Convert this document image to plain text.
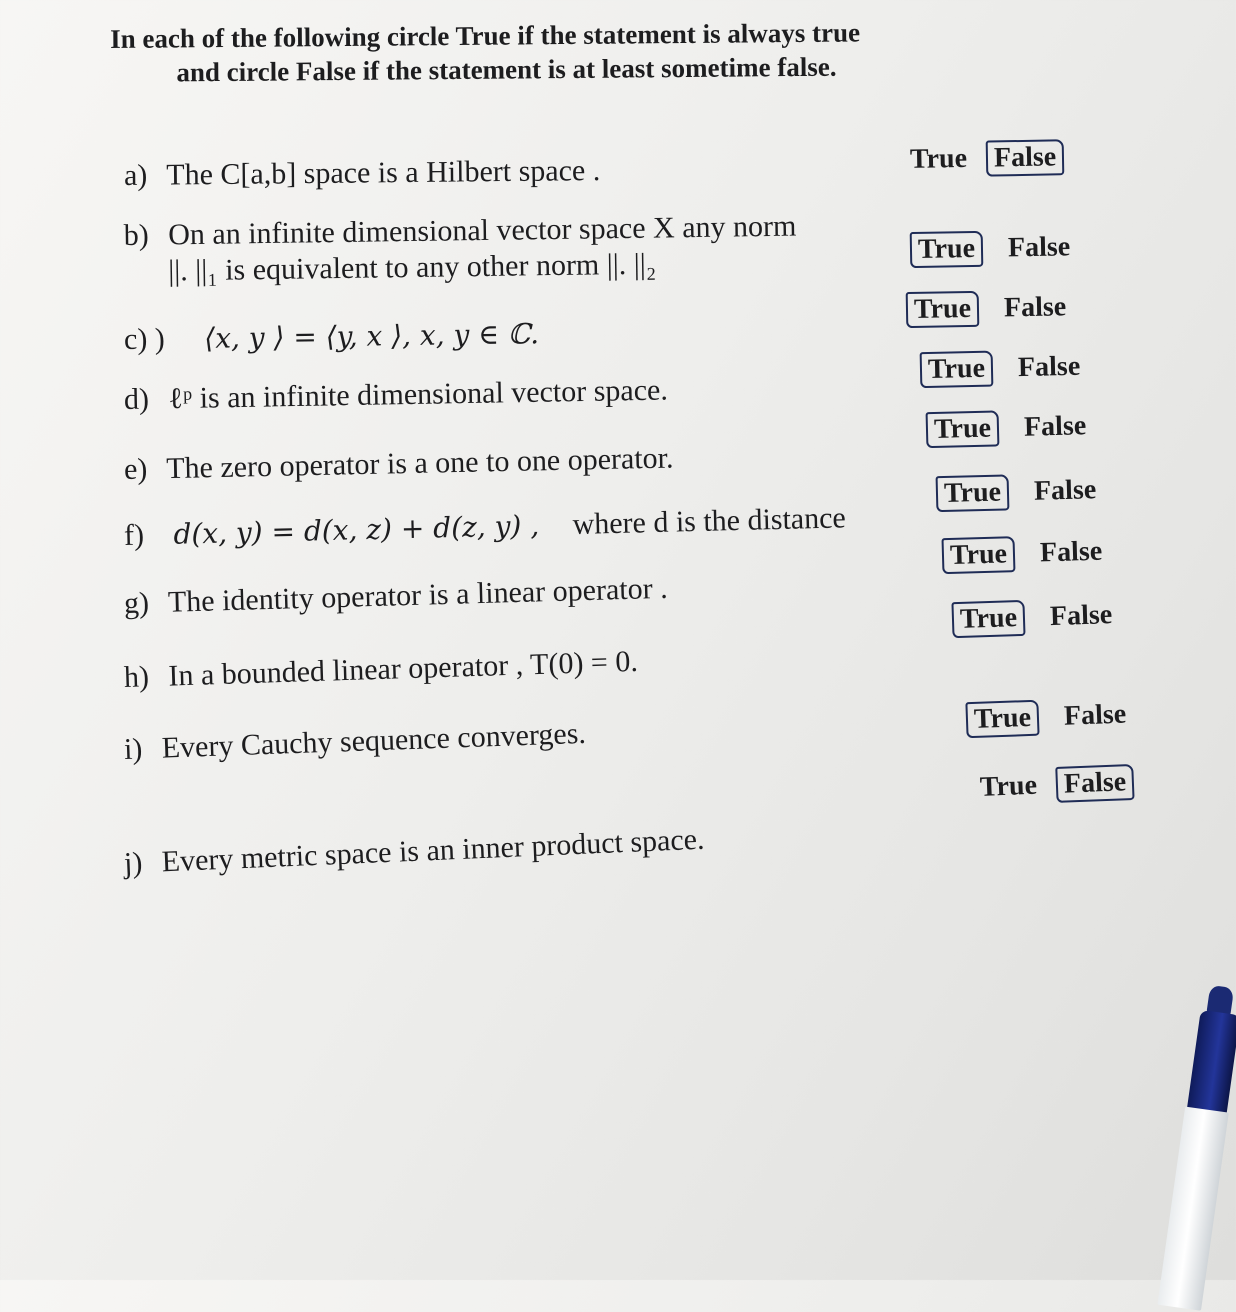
In each of the following circle True if the statement is always true
and circle False if the statement is at least sometime false.
a) The C[a,b] space is a Hilbert space .
b) On an infinite dimensional vector space X any norm
||. ||₁ is equivalent to any other norm ||. ||₂
c) ) ⟨x, y ⟩ = ⟨y, x ⟩, x, y ∈ ℂ.
d) ℓᵖ is an infinite dimensional vector space.
e) The zero operator is a one to one operator.
f) d(x, y) = d(x, z) + d(z, y) , where d is the distance
g) The identity operator is a linear operator .
h) In a bounded linear operator , T(0) = 0.
i) Every Cauchy sequence converges.
j) Every metric space is an inner product space.
True False
True False
True False
True False
True False
True False
True False
True False
True False
True False
